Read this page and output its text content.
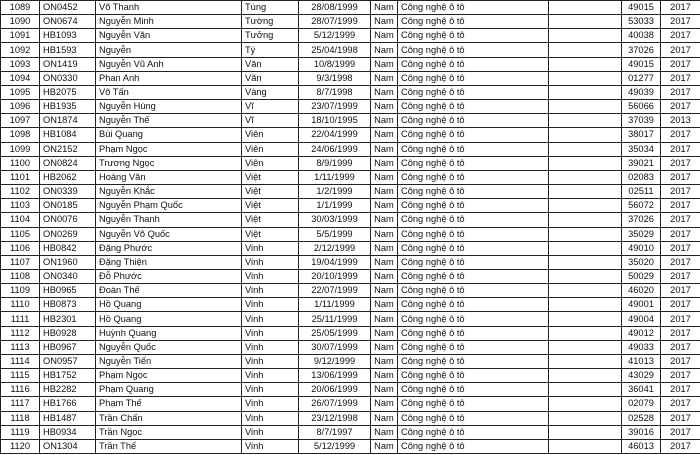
1089	ON0452	Võ Thanh	Tùng	28/08/1999	Nam	Công nghệ ô tô		49015	2017
1090	ON0674	Nguyễn Minh	Tường	28/07/1999	Nam	Công nghệ ô tô		53033	2017
1091	HB1093	Nguyễn Văn	Tưởng	5/12/1999	Nam	Công nghệ ô tô		40038	2017
1092	HB1593	Nguyễn	Tý	25/04/1998	Nam	Công nghệ ô tô		37026	2017
1093	ON1419	Nguyễn Vũ Anh	Văn	10/8/1999	Nam	Công nghệ ô tô		49015	2017
1094	ON0330	Phan Anh	Văn	9/3/1998	Nam	Công nghệ ô tô		01277	2017
1095	HB2075	Võ Tấn	Vàng	8/7/1998	Nam	Công nghệ ô tô		49039	2017
1096	HB1935	Nguyễn Hùng	Vĩ	23/07/1999	Nam	Công nghệ ô tô		56066	2017
1097	ON1874	Nguyễn Thế	Vĩ	18/10/1995	Nam	Công nghệ ô tô		37039	2013
1098	HB1084	Bùi Quang	Viên	22/04/1999	Nam	Công nghệ ô tô		38017	2017
1099	ON2152	Phạm Ngọc	Viên	24/06/1999	Nam	Công nghệ ô tô		35034	2017
1100	ON0824	Trương Ngọc	Viên	8/9/1999	Nam	Công nghệ ô tô		39021	2017
1101	HB2062	Hoàng Văn	Việt	1/11/1999	Nam	Công nghệ ô tô		02083	2017
1102	ON0339	Nguyễn Khắc	Việt	1/2/1999	Nam	Công nghệ ô tô		02511	2017
1103	ON0185	Nguyễn Phạm Quốc	Việt	1/1/1999	Nam	Công nghệ ô tô		56072	2017
1104	ON0076	Nguyễn Thanh	Việt	30/03/1999	Nam	Công nghệ ô tô		37026	2017
1105	ON0269	Nguyễn Võ Quốc	Việt	5/5/1999	Nam	Công nghệ ô tô		35029	2017
1106	HB0842	Đặng Phước	Vinh	2/12/1999	Nam	Công nghệ ô tô		49010	2017
1107	ON1960	Đặng Thiện	Vinh	19/04/1999	Nam	Công nghệ ô tô		35020	2017
1108	ON0340	Đỗ Phước	Vinh	20/10/1999	Nam	Công nghệ ô tô		50029	2017
1109	HB0965	Đoàn Thế	Vinh	22/07/1999	Nam	Công nghệ ô tô		46020	2017
1110	HB0873	Hồ Quang	Vinh	1/11/1999	Nam	Công nghệ ô tô		49001	2017
1111	HB2301	Hồ Quang	Vinh	25/11/1999	Nam	Công nghệ ô tô		49004	2017
1112	HB0928	Huỳnh Quang	Vinh	25/05/1999	Nam	Công nghệ ô tô		49012	2017
1113	HB0967	Nguyễn Quốc	Vinh	30/07/1999	Nam	Công nghệ ô tô		49033	2017
1114	ON0957	Nguyễn Tiến	Vinh	9/12/1999	Nam	Công nghệ ô tô		41013	2017
1115	HB1752	Phạm Ngọc	Vinh	13/06/1999	Nam	Công nghệ ô tô		43029	2017
1116	HB2282	Phạm Quang	Vinh	20/06/1999	Nam	Công nghệ ô tô		36041	2017
1117	HB1766	Phạm Thế	Vinh	26/07/1999	Nam	Công nghệ ô tô		02079	2017
1118	HB1487	Trần Chấn	Vinh	23/12/1998	Nam	Công nghệ ô tô		02528	2017
1119	HB0934	Trần Ngọc	Vinh	8/7/1997	Nam	Công nghệ ô tô		39016	2017
1120	ON1304	Trần Thế	Vinh	5/12/1999	Nam	Công nghệ ô tô		46013	2017
